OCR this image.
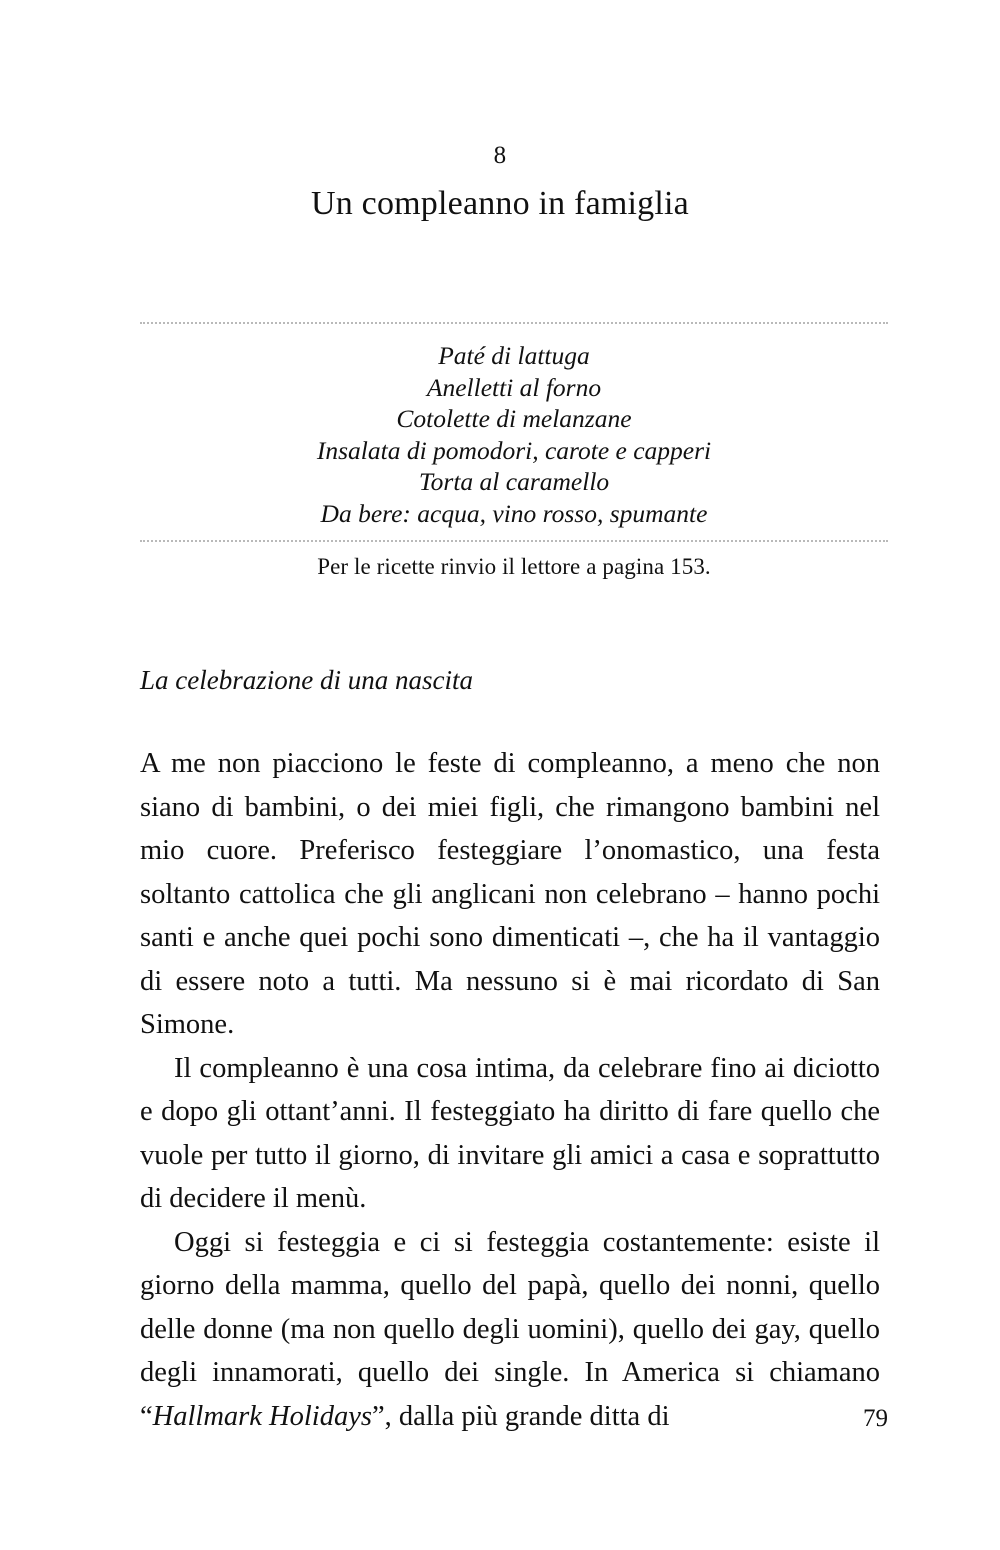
8
Un compleanno in famiglia
Paté di lattuga
Anelletti al forno
Cotolette di melanzane
Insalata di pomodori, carote e capperi
Torta al caramello
Da bere: acqua, vino rosso, spumante
Per le ricette rinvio il lettore a pagina 153.
La celebrazione di una nascita

A me non piacciono le feste di compleanno, a meno che non siano di bambini, o dei miei figli, che rimangono bambini nel mio cuore. Preferisco festeggiare l’onomastico, una festa soltanto cattolica che gli anglicani non celebrano – hanno pochi santi e anche quei pochi sono dimenticati –, che ha il vantaggio di essere noto a tutti. Ma nessuno si è mai ricordato di San Simone.

Il compleanno è una cosa intima, da celebrare fino ai diciotto e dopo gli ottant’anni. Il festeggiato ha diritto di fare quello che vuole per tutto il giorno, di invitare gli amici a casa e soprattutto di decidere il menù.

Oggi si festeggia e ci si festeggia costantemente: esiste il giorno della mamma, quello del papà, quello dei nonni, quello delle donne (ma non quello degli uomini), quello dei gay, quello degli innamorati, quello dei single. In America si chiamano “Hallmark Holidays”, dalla più grande ditta di	79
